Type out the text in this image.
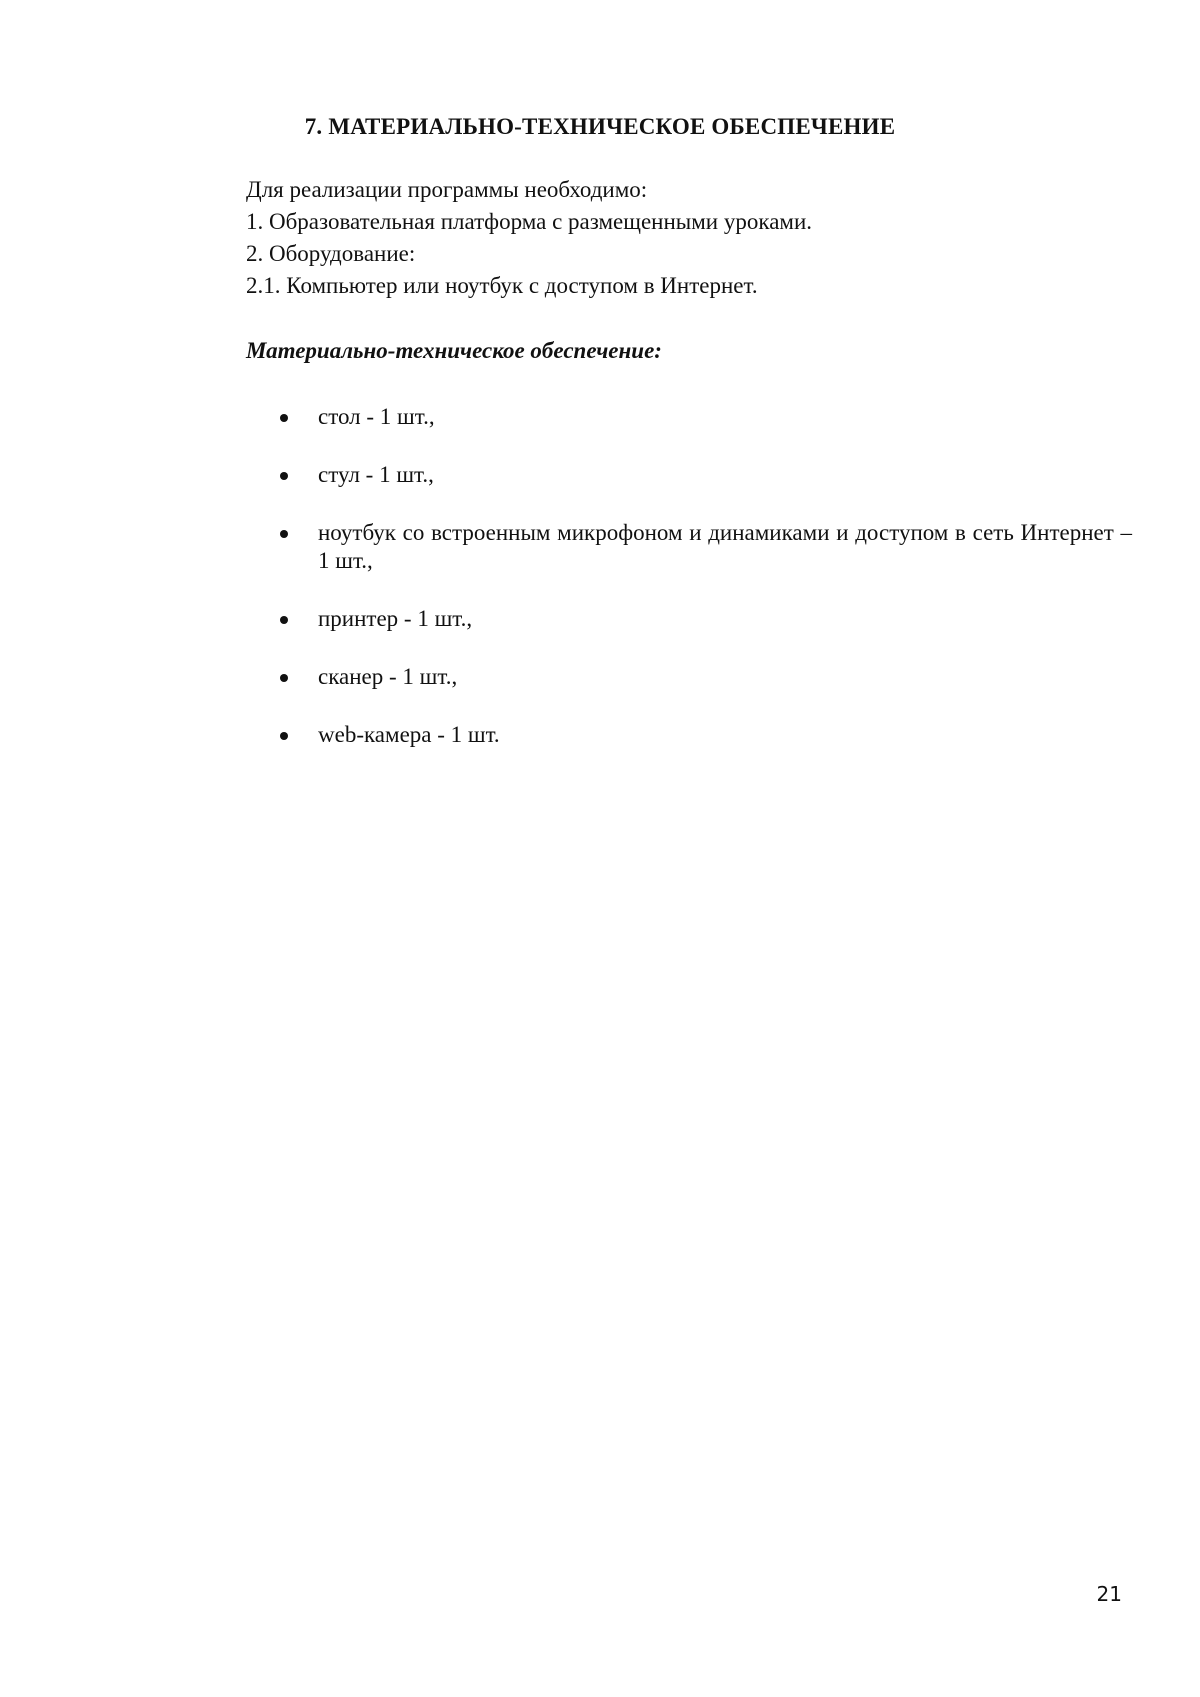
7. МАТЕРИАЛЬНО-ТЕХНИЧЕСКОЕ ОБЕСПЕЧЕНИЕ
Для реализации программы необходимо:
1. Образовательная платформа с размещенными уроками.
2. Оборудование:
2.1. Компьютер или ноутбук с доступом в Интернет.
Материально-техническое обеспечение:
стол - 1 шт.,
стул - 1 шт.,
ноутбук со встроенным микрофоном и динамиками и доступом в сеть Интернет – 1 шт.,
принтер - 1 шт.,
сканер - 1 шт.,
web-камера - 1 шт.
21
